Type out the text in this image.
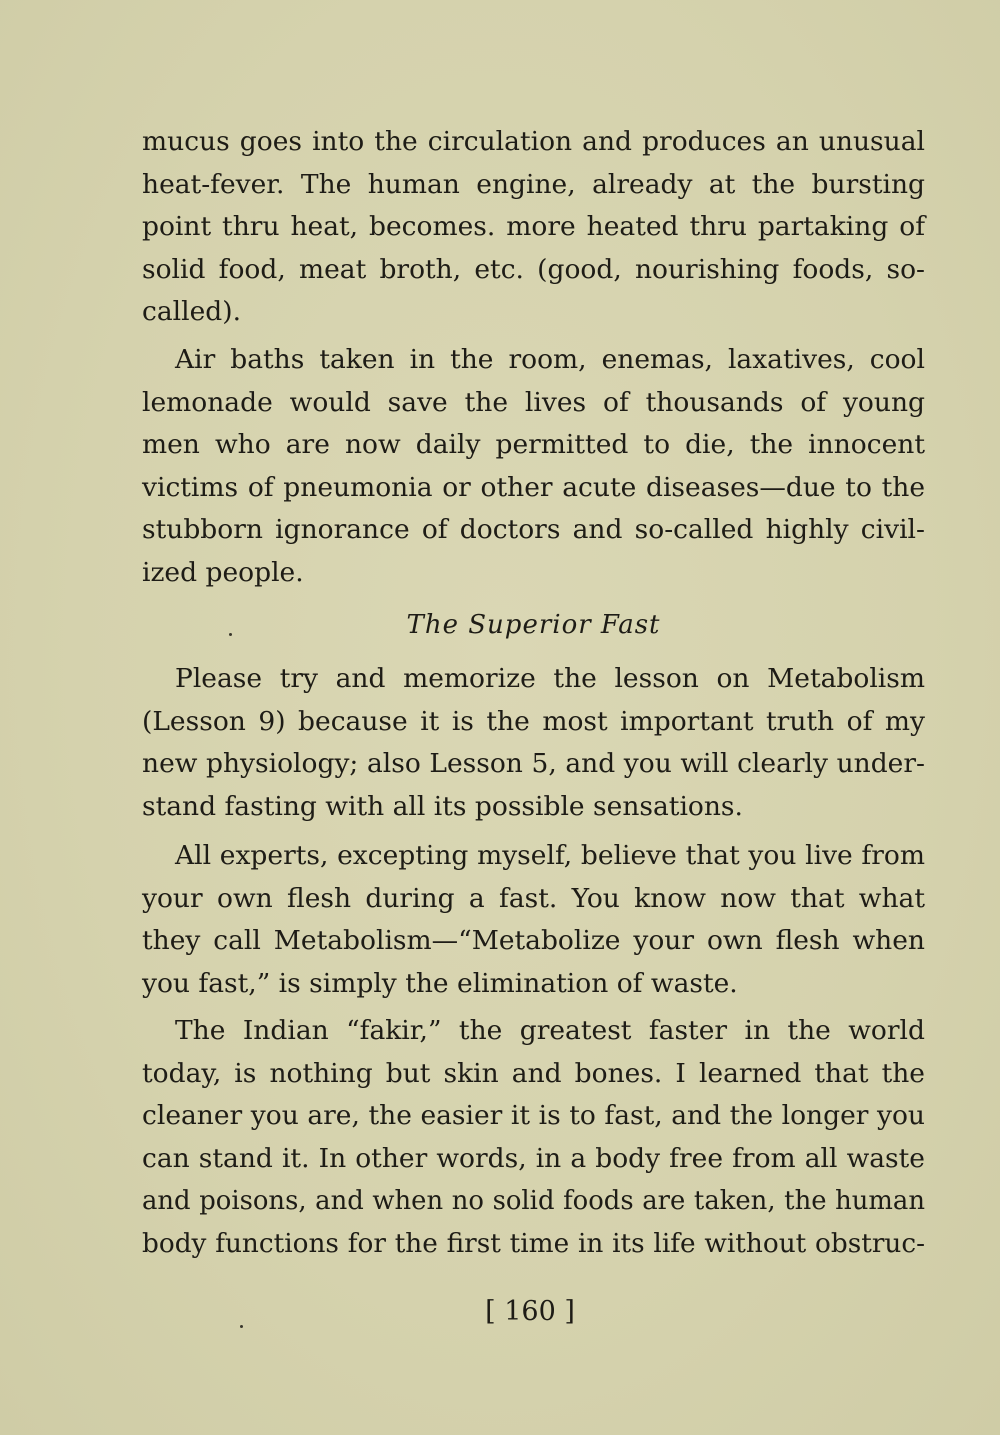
mucus goes into the circulation and produces an unusual
heat-fever. The human engine, already at the bursting
point thru heat, becomes. more heated thru partaking of
solid food, meat broth, etc. (good, nourishing foods, so-
called).
Air baths taken in the room, enemas, laxatives, cool
lemonade would save the lives of thousands of young
men who are now daily permitted to die, the innocent
victims of pneumonia or other acute diseases—due to the
stubborn ignorance of doctors and so-called highly civil-
ized people.
The Superior Fast
Please try and memorize the lesson on Metabolism
(Lesson 9) because it is the most important truth of my
new physiology; also Lesson 5, and you will clearly under-
stand fasting with all its possible sensations.
All experts, excepting myself, believe that you live from
your own flesh during a fast. You know now that what
they call Metabolism—“Metabolize your own flesh when
you fast,” is simply the elimination of waste.
The Indian “fakir,” the greatest faster in the world
today, is nothing but skin and bones. I learned that the
cleaner you are, the easier it is to fast, and the longer you
can stand it. In other words, in a body free from all waste
and poisons, and when no solid foods are taken, the human
body functions for the first time in its life without obstruc-
[ 160 ]
